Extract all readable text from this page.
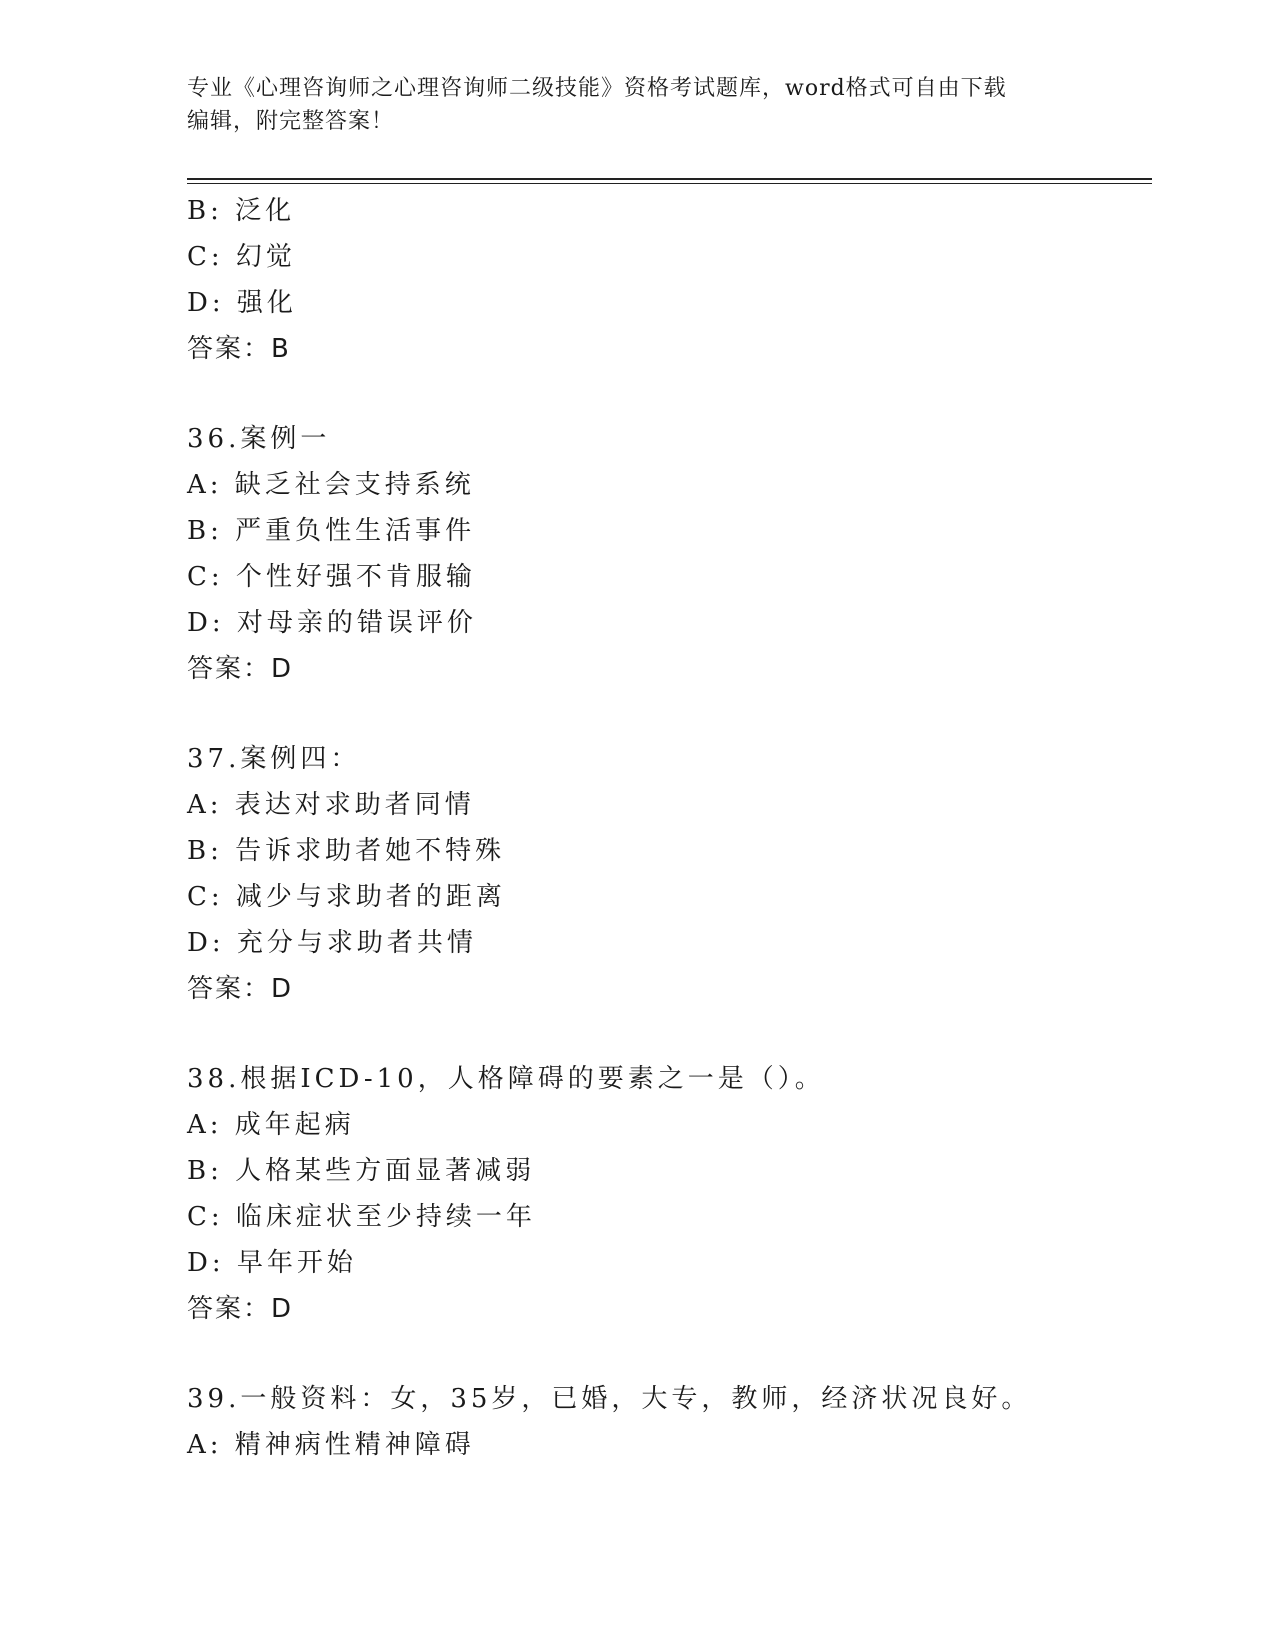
专业《心理咨询师之心理咨询师二级技能》资格考试题库，word格式可自由下载
编辑，附完整答案！
B: 泛化
C: 幻觉
D: 强化
答案：B
36.案例一
A: 缺乏社会支持系统
B: 严重负性生活事件
C: 个性好强不肯服输
D: 对母亲的错误评价
答案：D
37.案例四：
A: 表达对求助者同情
B: 告诉求助者她不特殊
C: 减少与求助者的距离
D: 充分与求助者共情
答案：D
38.根据ICD-10，人格障碍的要素之一是（）。
A: 成年起病
B: 人格某些方面显著减弱
C: 临床症状至少持续一年
D: 早年开始
答案：D
39.一般资料：女，35岁，已婚，大专，教师，经济状况良好。
A: 精神病性精神障碍
